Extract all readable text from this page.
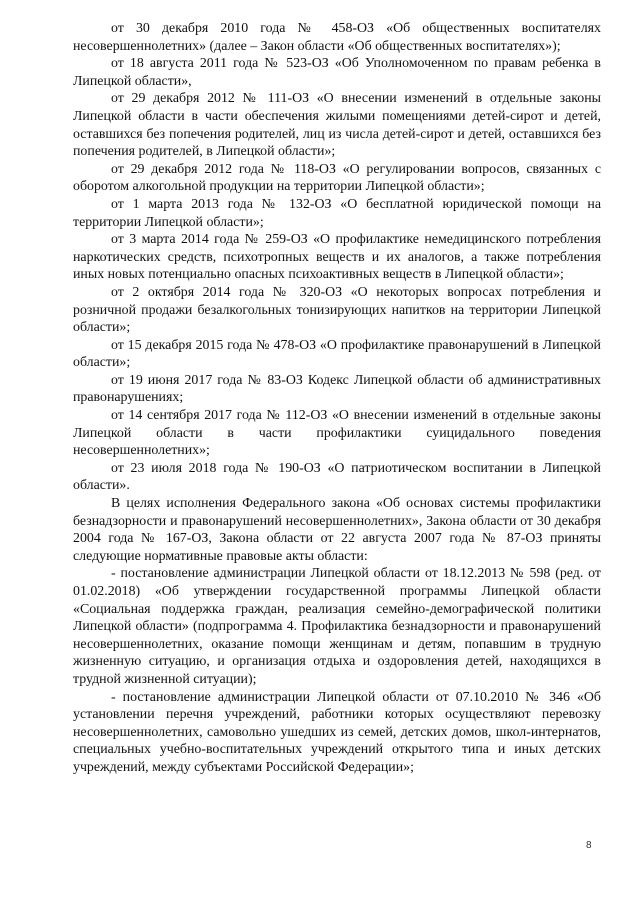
от 30 декабря 2010 года № 458-ОЗ «Об общественных воспитателях несовершеннолетних» (далее – Закон области «Об общественных воспитателях»);

от 18 августа 2011 года № 523-ОЗ «Об Уполномоченном по правам ребенка в Липецкой области»,

от 29 декабря 2012 № 111-ОЗ «О внесении изменений в отдельные законы Липецкой области в части обеспечения жилыми помещениями детей-сирот и детей, оставшихся без попечения родителей, лиц из числа детей-сирот и детей, оставшихся без попечения родителей, в Липецкой области»;

от 29 декабря 2012 года № 118-ОЗ «О регулировании вопросов, связанных с оборотом алкогольной продукции на территории Липецкой области»;

от 1 марта 2013 года № 132-ОЗ «О бесплатной юридической помощи на территории Липецкой области»;

от 3 марта 2014 года № 259-ОЗ «О профилактике немедицинского потребления наркотических средств, психотропных веществ и их аналогов, а также потребления иных новых потенциально опасных психоактивных веществ в Липецкой области»;

от 2 октября 2014 года № 320-ОЗ «О некоторых вопросах потребления и розничной продажи безалкогольных тонизирующих напитков на территории Липецкой области»;

от 15 декабря 2015 года № 478-ОЗ «О профилактике правонарушений в Липецкой области»;

от 19 июня 2017 года № 83-ОЗ Кодекс Липецкой области об административных правонарушениях;

от 14 сентября 2017 года № 112-ОЗ «О внесении изменений в отдельные законы Липецкой области в части профилактики суицидального поведения несовершеннолетних»;

от 23 июля 2018 года № 190-ОЗ «О патриотическом воспитании в Липецкой области».

В целях исполнения Федерального закона «Об основах системы профилактики безнадзорности и правонарушений несовершеннолетних», Закона области от 30 декабря 2004 года № 167-ОЗ, Закона области от 22 августа 2007 года № 87-ОЗ приняты следующие нормативные правовые акты области:

- постановление администрации Липецкой области от 18.12.2013 № 598 (ред. от 01.02.2018) «Об утверждении государственной программы Липецкой области «Социальная поддержка граждан, реализация семейно-демографической политики Липецкой области» (подпрограмма 4. Профилактика безнадзорности и правонарушений несовершеннолетних, оказание помощи женщинам и детям, попавшим в трудную жизненную ситуацию, и организация отдыха и оздоровления детей, находящихся в трудной жизненной ситуации);

- постановление администрации Липецкой области от 07.10.2010 № 346 «Об установлении перечня учреждений, работники которых осуществляют перевозку несовершеннолетних, самовольно ушедших из семей, детских домов, школ-интернатов, специальных учебно-воспитательных учреждений открытого типа и иных детских учреждений, между субъектами Российской Федерации»;

8
